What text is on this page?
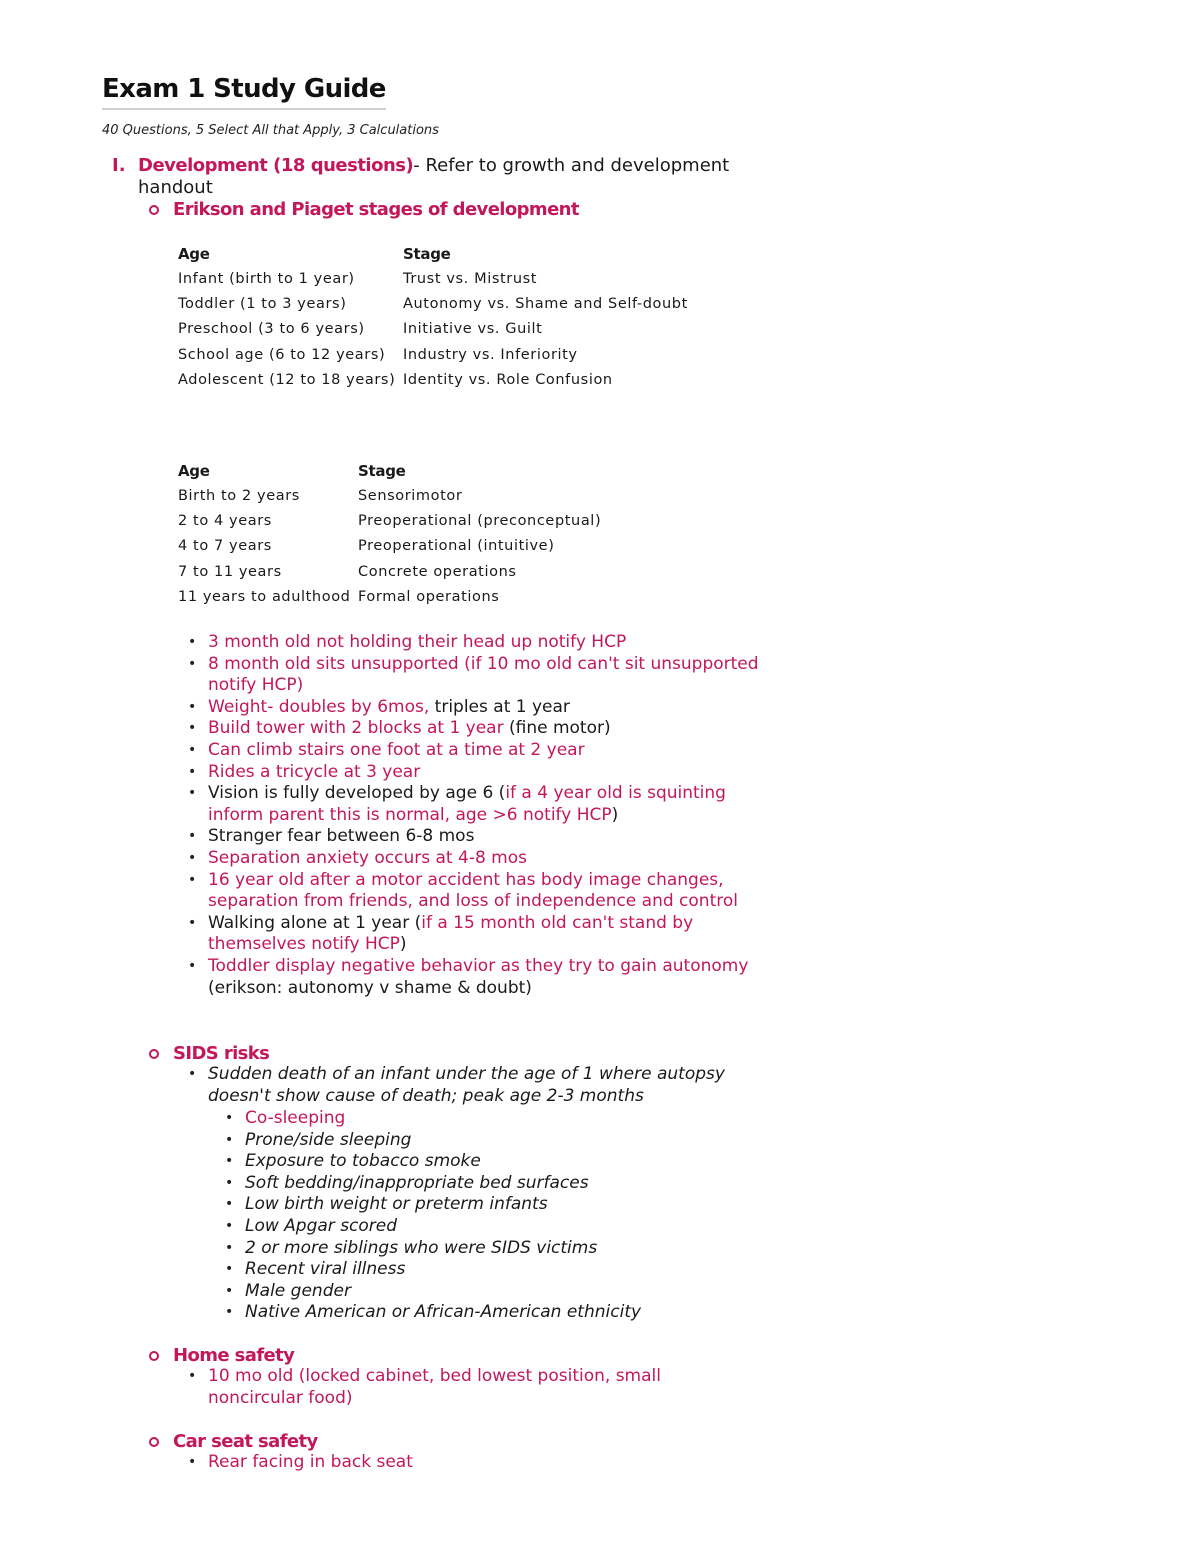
Exam 1 Study Guide
40 Questions, 5 Select All that Apply, 3 Calculations
I. Development (18 questions)- Refer to growth and development handout
Erikson and Piaget stages of development
Age	Stage
Infant (birth to 1 year)	Trust vs. Mistrust
Toddler (1 to 3 years)	Autonomy vs. Shame and Self-doubt
Preschool (3 to 6 years)	Initiative vs. Guilt
School age (6 to 12 years)	Industry vs. Inferiority
Adolescent (12 to 18 years)	Identity vs. Role Confusion
Age	Stage
Birth to 2 years	Sensorimotor
2 to 4 years	Preoperational (preconceptual)
4 to 7 years	Preoperational (intuitive)
7 to 11 years	Concrete operations
11 years to adulthood	Formal operations
• 3 month old not holding their head up notify HCP
• 8 month old sits unsupported (if 10 mo old can't sit unsupported notify HCP)
• Weight- doubles by 6mos, triples at 1 year
• Build tower with 2 blocks at 1 year (fine motor)
• Can climb stairs one foot at a time at 2 year
• Rides a tricycle at 3 year
• Vision is fully developed by age 6 (if a 4 year old is squinting inform parent this is normal, age >6 notify HCP)
• Stranger fear between 6-8 mos
• Separation anxiety occurs at 4-8 mos
• 16 year old after a motor accident has body image changes, separation from friends, and loss of independence and control
• Walking alone at 1 year (if a 15 month old can't stand by themselves notify HCP)
• Toddler display negative behavior as they try to gain autonomy (erikson: autonomy v shame & doubt)
SIDS risks
• Sudden death of an infant under the age of 1 where autopsy doesn't show cause of death; peak age 2-3 months
• Co-sleeping
• Prone/side sleeping
• Exposure to tobacco smoke
• Soft bedding/inappropriate bed surfaces
• Low birth weight or preterm infants
• Low Apgar scored
• 2 or more siblings who were SIDS victims
• Recent viral illness
• Male gender
• Native American or African-American ethnicity
Home safety
• 10 mo old (locked cabinet, bed lowest position, small noncircular food)
Car seat safety
• Rear facing in back seat
